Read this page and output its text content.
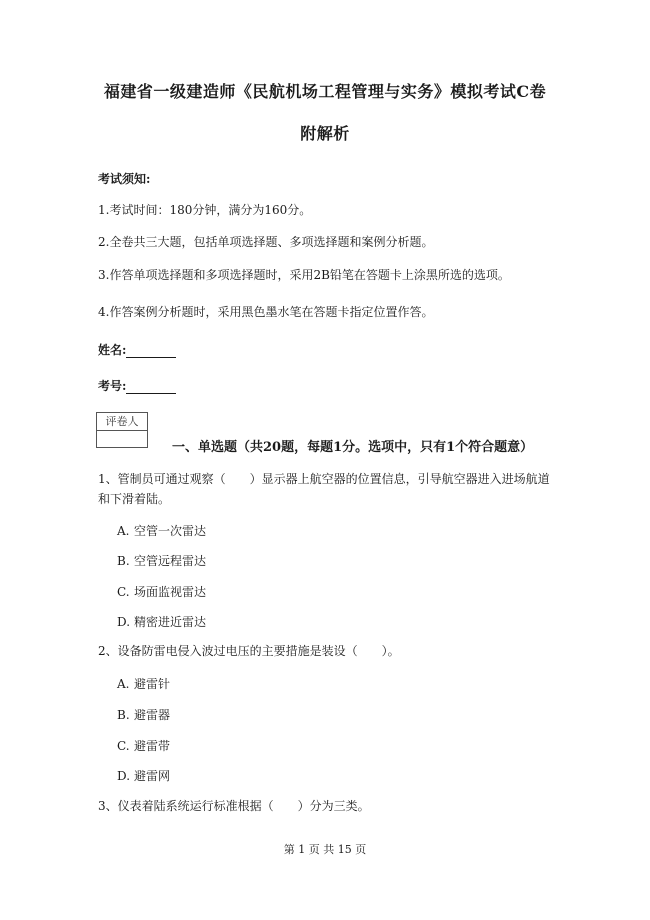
福建省一级建造师《民航机场工程管理与实务》模拟考试C卷
附解析
考试须知:
1.考试时间：180分钟，满分为160分。
2.全卷共三大题，包括单项选择题、多项选择题和案例分析题。
3.作答单项选择题和多项选择题时，采用2B铅笔在答题卡上涂黑所选的选项。
4.作答案例分析题时，采用黑色墨水笔在答题卡指定位置作答。
姓名:
考号:
评卷人
一、单选题（共20题，每题1分。选项中，只有1个符合题意）
1、管制员可通过观察（　　）显示器上航空器的位置信息，引导航空器进入进场航道和下滑着陆。
A. 空管一次雷达
B. 空管远程雷达
C. 场面监视雷达
D. 精密进近雷达
2、设备防雷电侵入波过电压的主要措施是装设（　　）。
A. 避雷针
B. 避雷器
C. 避雷带
D. 避雷网
3、仪表着陆系统运行标准根据（　　）分为三类。
第 1 页 共 15 页
